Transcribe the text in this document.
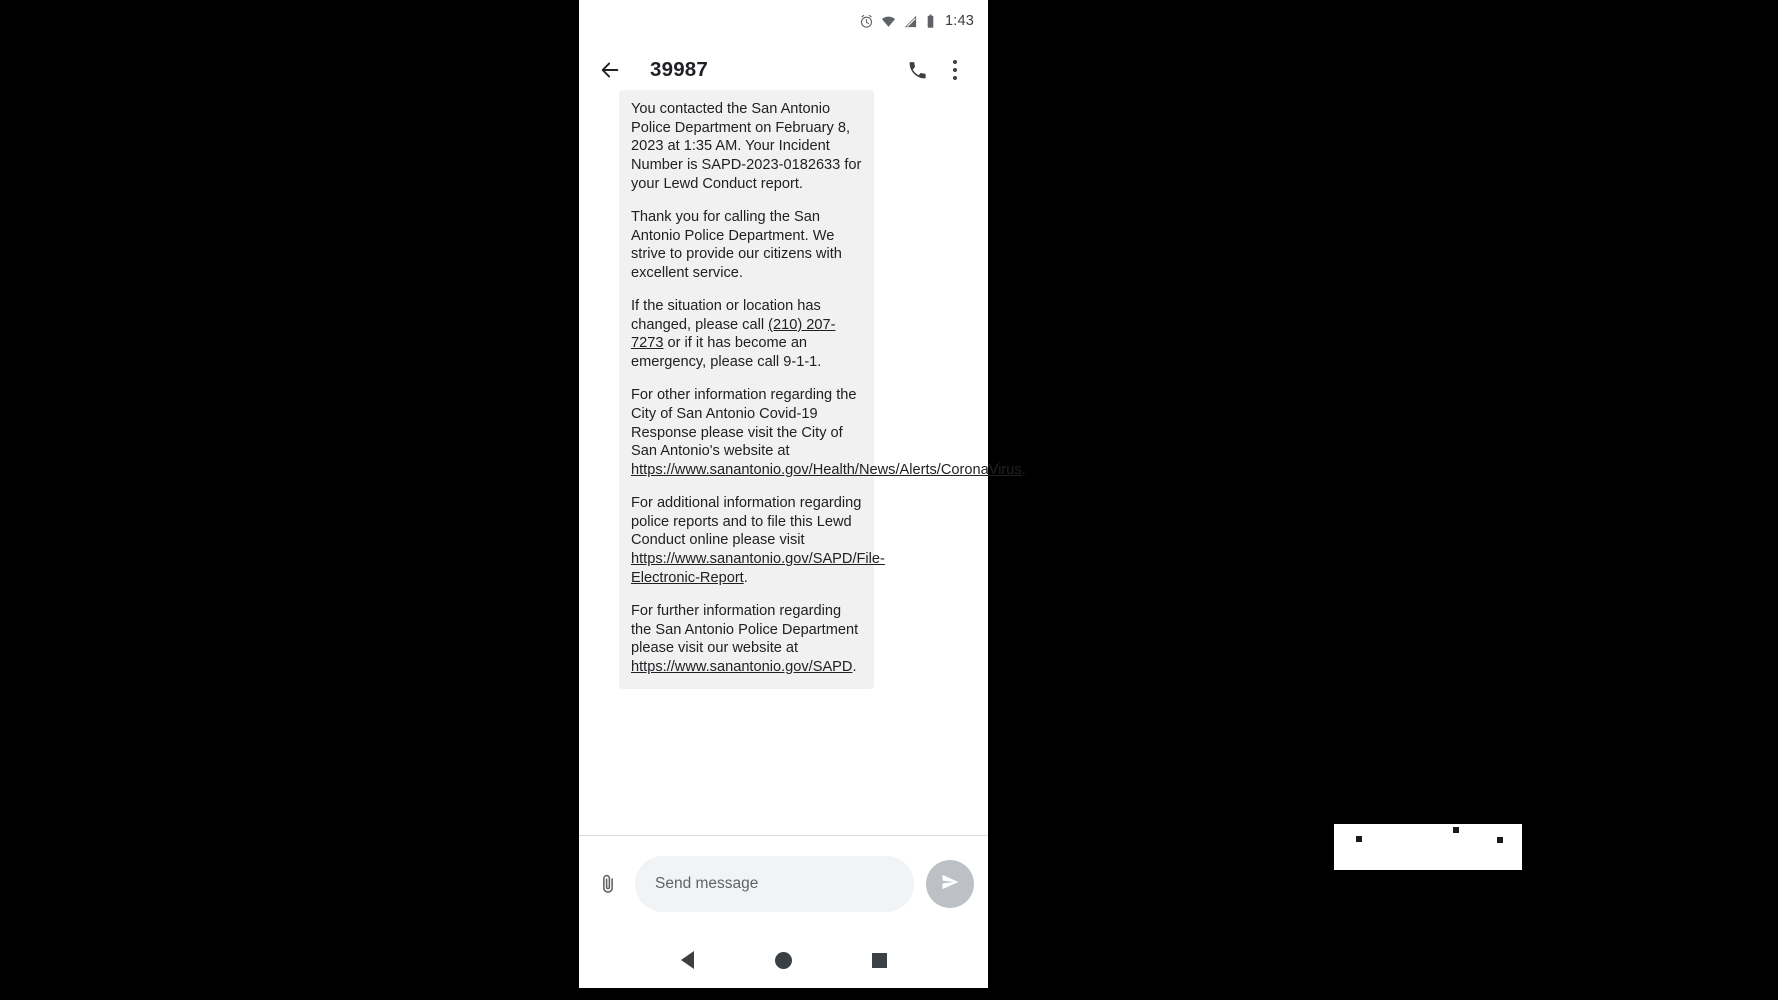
1:43
39987

You contacted the San Antonio Police Department on February 8, 2023 at 1:35 AM. Your Incident Number is SAPD-2023-0182633 for your Lewd Conduct report.

Thank you for calling the San Antonio Police Department. We strive to provide our citizens with excellent service.

If the situation or location has changed, please call (210) 207-7273 or if it has become an emergency, please call 9-1-1.

For other information regarding the City of San Antonio Covid-19 Response please visit the City of San Antonio's website at https://www.sanantonio.gov/Health/News/Alerts/CoronaVirus.

For additional information regarding police reports and to file this Lewd Conduct online please visit https://www.sanantonio.gov/SAPD/File-Electronic-Report.

For further information regarding the San Antonio Police Department please visit our website at https://www.sanantonio.gov/SAPD.

Send message
